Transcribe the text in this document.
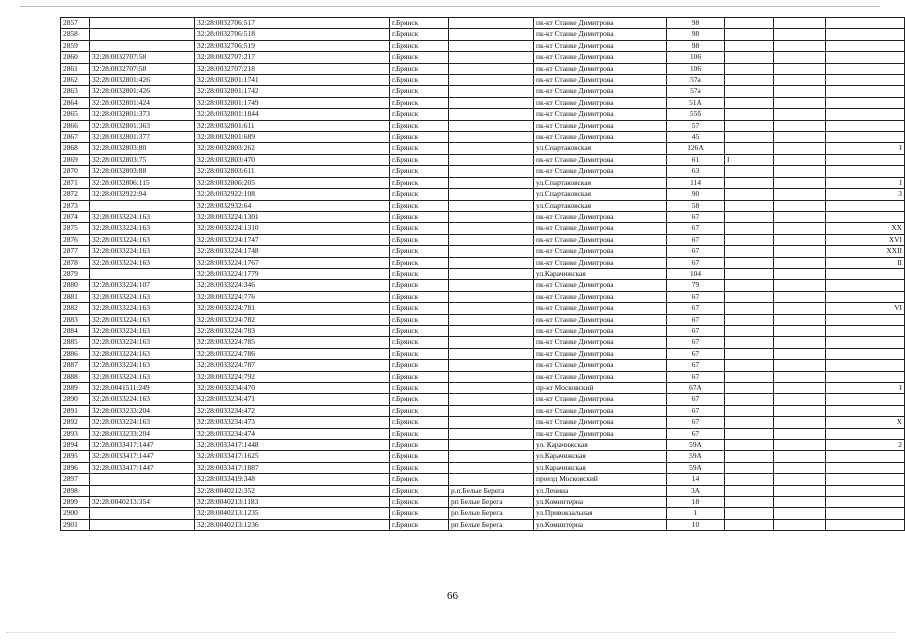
2857		32:28:0032706:517	г.Брянск		пк-кт Станке Димитрова	98			
2858		32:28:0032706:518	г.Брянск		пк-кт Станке Димитрова	98			
2859		32:28:0032706:519	г.Брянск		пк-кт Станке Димитрова	98			
2860	32:28:0032707:58	32:28:0032707:217	г.Брянск		пк-кт Станке Димитрова	106			
2861	32:28:0032707:58	32:28:0032707:218	г.Брянск		пк-кт Станке Димитрова	106			
2862	32:28:0032801:426	32:28:0032801:1741	г.Брянск		пк-кт Станке Димитрова	57а			
2863	32:28:0032801:426	32:28:0032801:1742	г.Брянск		пк-кт Станке Димитрова	57а			
2864	32:28:0032801:424	32:28:0032801:1749	г.Брянск		пк-кт Станке Димитрова	51А			
2865	32:28:0032801:373	32:28:0032801:1844	г.Брянск		пк-кт Станке Димитрова	55б			
2866	32:28:0032801:363	32:28:0032801:611	г.Брянск		пк-кт Станке Димитрова	57			
2867	32:28:0032801:377	32:28:0032801:689	г.Брянск		пк-кт Станке Димитрова	45			
2868	32:28:0032803:80	32:28:0032803:262	г.Брянск		ул.Спартаковская	126А			I
2869	32:28:0032803:75	32:28:0032803:470	г.Брянск		пк-кт Станке Димитрова	61	I		
2870	32:28:0032803:88	32:28:0032803:611	г.Брянск		пк-кт Станке Димитрова	63			
2871	32:28:0032806:115	32:28:0032806:205	г.Брянск		ул.Спартаковская	114			I
2872	32:28:0032922:94	32:28:0032922:108	г.Брянск		ул.Спартаковская	90			3
2873		32:28:0032932:64	г.Брянск		ул.Спартаковская	58			
2874	32:28:0033224:163	32:28:0033224:1301	г.Брянск		пк-кт Станке Димитрова	67			
2875	32:28:0033224:163	32:28:0033224:1310	г.Брянск		пк-кт Станке Димитрова	67			XX
2876	32:28:0033224:163	32:28:0033224:1747	г.Брянск		пк-кт Станке Димитрова	67			XVI
2877	32:28:0033224:163	32:28:0033224:1748	г.Брянск		пк-кт Станке Димитрова	67			XXII
2878	32:28:0033224:163	32:28:0033224:1767	г.Брянск		пк-кт Станке Димитрова	67			II
2879		32:28:0033224:1779	г.Брянск		ул.Карачижская	104			
2880	32:28:0033224:107	32:28:0033224:346	г.Брянск		пк-кт Станке Димитрова	79			
2881	32:28:0033224:163	32:28:0033224:776	г.Брянск		пк-кт Станке Димитрова	67			
2882	32:28:0033224:163	32:28:0033224:781	г.Брянск		пк-кт Станке Димитрова	67			VI
2883	32:28:0033224:163	32:28:0033224:782	г.Брянск		пк-кт Станке Димитрова	67			
2884	32:28:0033224:163	32:28:0033224:783	г.Брянск		пк-кт Станке Димитрова	67			
2885	32:28:0033224:163	32:28:0033224:785	г.Брянск		пк-кт Станке Димитрова	67			
2886	32:28:0033224:163	32:28:0033224:786	г.Брянск		пк-кт Станке Димитрова	67			
2887	32:28:0033224:163	32:28:0033224:787	г.Брянск		пк-кт Станке Димитрова	67			
2888	32:28:0033224:163	32:28:0033224:792	г.Брянск		пк-кт Станке Димитрова	67			
2889	32:28:0041511:249	32:28:0033234:470	г.Брянск		пр-кт Московский	67А			I
2890	32:28:0033224:163	32:28:0033234:471	г.Брянск		пк-кт Станке Димитрова	67			
2891	32:28:0033233:204	32:28:0033234:472	г.Брянск		пк-кт Станке Димитрова	67			
2892	32:28:0033224:163	32:28:0033234:473	г.Брянск		пк-кт Станке Димитрова	67			X
2893	32:28:0033233:204	32:28:0033234:474	г.Брянск		пк-кт Станке Димитрова	67			
2894	32:28:0033417:1447	32:28:0033417:1448	г.Брянск		ул. Карачижская	59А			2
2895	32:28:0033417:1447	32:28:0033417:1625	г.Брянск		ул.Карачижская	59А			
2896	32:28:0033417:1447	32:28:0033417:1887	г.Брянск		ул.Карачижская	59А			
2897		32:28:0033419:348	г.Брянск		проезд Московский	14			
2898		32:28:0040212:352	г.Брянск	р.п.Белые Берега	ул.Ленина	3А			
2899	32:28:0040213:354	32:28:0040213:1183	г.Брянск	рп Белые Берега	ул.Коминтерна	18			
2900		32:28:0040213:1235	г.Брянск	рп Белые Берега	ул.Привокзальная	1			
2901		32:28:0040213:1236	г.Брянск	рп Белые Берега	ул.Коминтерна	10			
66
